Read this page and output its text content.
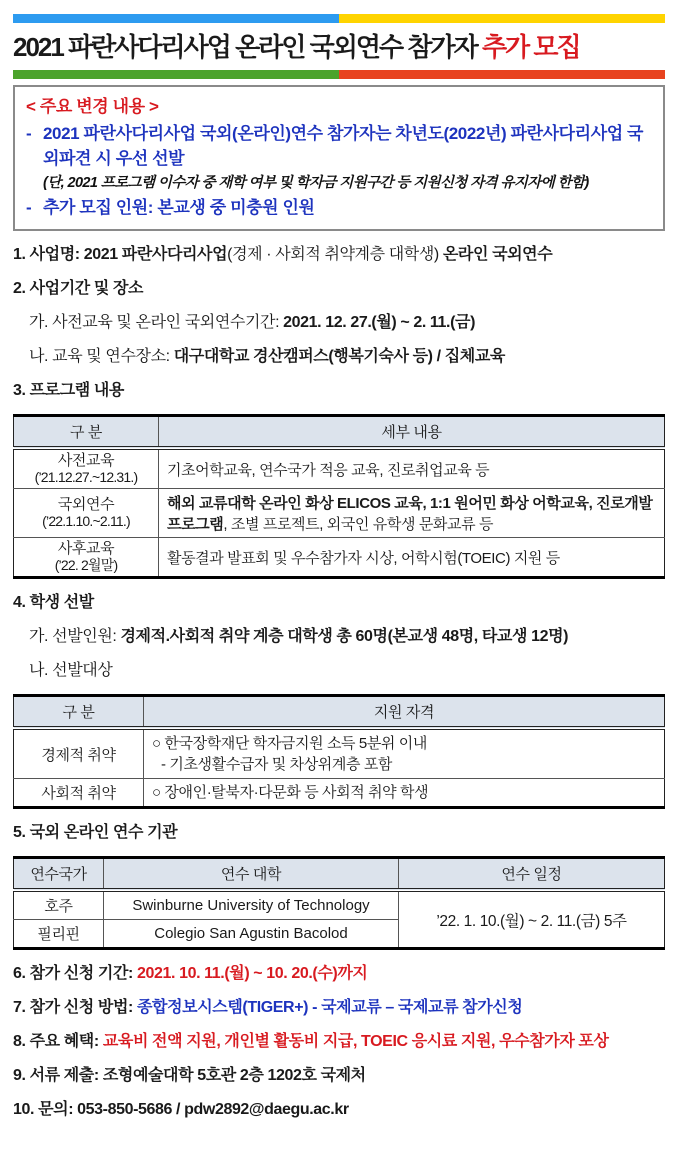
2021 파란사다리사업 온라인 국외연수 참가자 추가 모집
< 주요 변경 내용 >
- 2021 파란사다리사업 국외(온라인)연수 참가자는 차년도(2022년) 파란사다리사업 국외파견 시 우선 선발
(단, 2021 프로그램 이수자 중 재학 여부 및 학자금 지원구간 등 지원신청 자격 유지자에 한함)
- 추가 모집 인원: 본교생 중 미충원 인원
1. 사업명: 2021 파란사다리사업(경제 · 사회적 취약계층 대학생) 온라인 국외연수
2. 사업기간 및 장소
가. 사전교육 및 온라인 국외연수기간: 2021. 12. 27.(월) ~ 2. 11.(금)
나. 교육 및 연수장소: 대구대학교 경산캠퍼스(행복기숙사 등) / 집체교육
3. 프로그램 내용
구 분	세부 내용

사전교육
(’21.12.27.~12.31.)	기초어학교육, 연수국가 적응 교육, 진로취업교육 등

국외연수
(’22.1.10.~2.11.)	해외 교류대학 온라인 화상 ELICOS 교육, 1:1 원어민 화상 어학교육, 진로개발 프로그램, 조별 프로젝트, 외국인 유학생 문화교류 등

사후교육
(’22. 2월말)	활동결과 발표회 및 우수참가자 시상, 어학시험(TOEIC) 지원 등
4. 학생 선발
가. 선발인원: 경제적.사회적 취약 계층 대학생 총 60명(본교생 48명, 타교생 12명)
나. 선발대상
구 분	지원 자격
경제적 취약	○ 한국장학재단 학자금지원 소득 5분위 이내
- 기초생활수급자 및 차상위계층 포함

사회적 취약	○ 장애인·탈북자·다문화 등 사회적 취약 학생
5. 국외 온라인 연수 기관
연수국가	연수 대학	연수 일정
호주	Swinburne University of Technology	’22. 1. 10.(월) ~ 2. 11.(금) 5주
필리핀	Colegio San Agustin Bacolod	
6. 참가 신청 기간: 2021. 10. 11.(월) ~ 10. 20.(수)까지
7. 참가 신청 방법: 종합정보시스템(TIGER+) - 국제교류 – 국제교류 참가신청
8. 주요 혜택: 교육비 전액 지원, 개인별 활동비 지급, TOEIC 응시료 지원, 우수참가자 포상
9. 서류 제출: 조형예술대학 5호관 2층 1202호 국제처
10. 문의: 053-850-5686 / pdw2892@daegu.ac.kr
